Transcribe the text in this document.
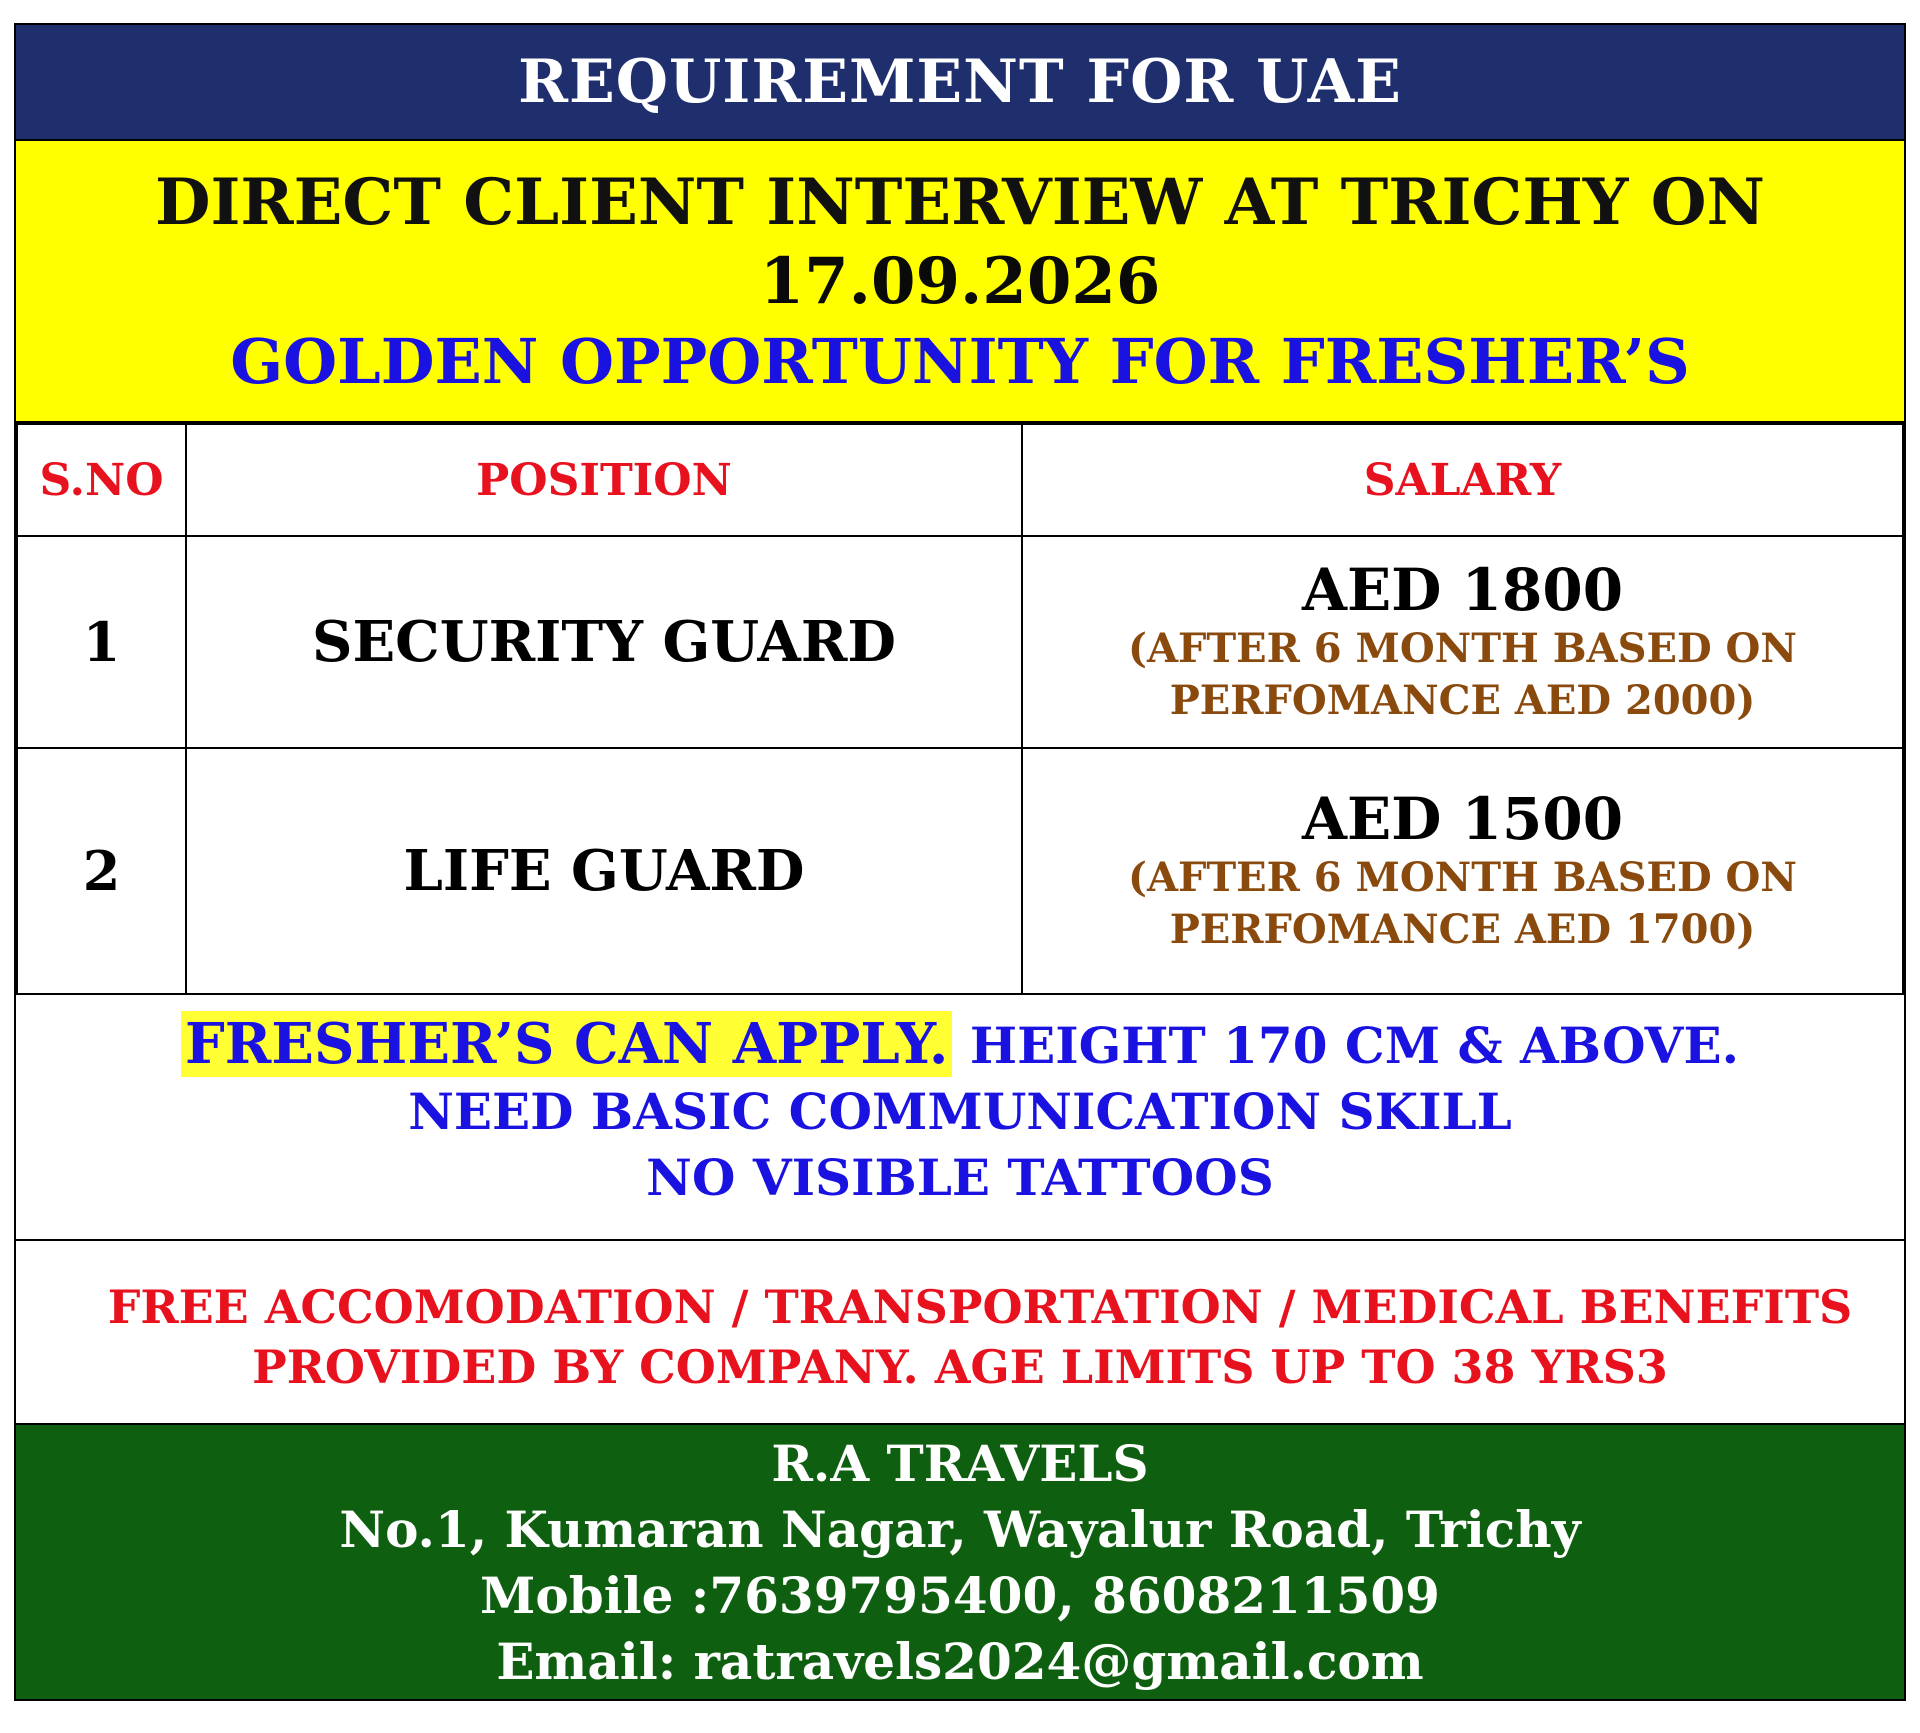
REQUIREMENT FOR UAE
DIRECT CLIENT INTERVIEW AT TRICHY ON
17.09.2026
GOLDEN OPPORTUNITY FOR FRESHER’S
S.NO	POSITION	SALARY
1	SECURITY GUARD	AED 1800
(AFTER 6 MONTH BASED ON
PERFOMANCE AED 2000)

2	LIFE GUARD	AED 1500
(AFTER 6 MONTH BASED ON
PERFOMANCE AED 1700)
FRESHER’S CAN APPLY. HEIGHT 170 CM & ABOVE.
NEED BASIC COMMUNICATION SKILL
NO VISIBLE TATTOOS
FREE ACCOMODATION / TRANSPORTATION / MEDICAL BENEFITS
PROVIDED BY COMPANY. AGE LIMITS UP TO 38 YRS3
R.A TRAVELS
No.1, Kumaran Nagar, Wayalur Road, Trichy
Mobile :7639795400, 8608211509
Email: ratravels2024@gmail.com
